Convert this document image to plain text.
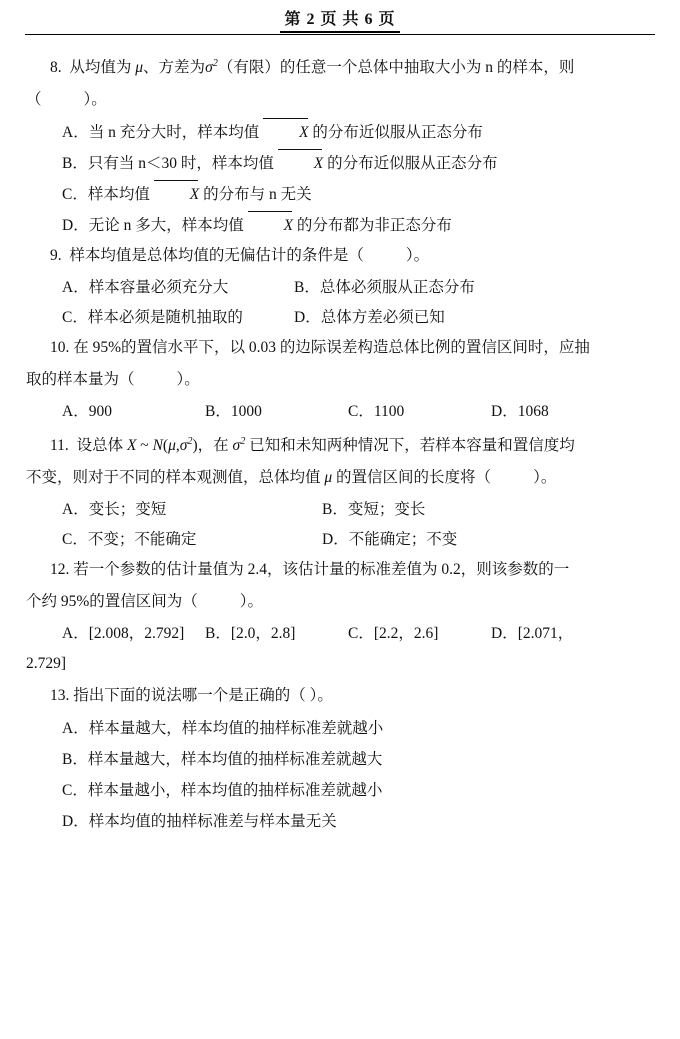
第 2 页 共 6 页
8.  从均值为 μ、方差为$\sigma^2$（有限）的任意一个总体中抽取大小为 n 的样本，则
（	）。
A．当 n 充分大时，样本均值 X 的分布近似服从正态分布
B．只有当 n＜30 时，样本均值 X 的分布近似服从正态分布
C．样本均值 X 的分布与 n 无关
D．无论 n 多大，样本均值 X 的分布都为非正态分布
9.  样本均值是总体均值的无偏估计的条件是（	）。
A．样本容量必须充分大	B．总体必须服从正态分布
C．样本必须是随机抽取的	D．总体方差必须已知
10. 在 95%的置信水平下，以 0.03 的边际误差构造总体比例的置信区间时，应抽
取的样本量为（	）。
A．900	B．1000	C．1100	D．1068
11.  设总体 X ~ $N(\mu,\sigma^2)$，在 $\sigma^2$ 已知和未知两种情况下，若样本容量和置信度均
不变，则对于不同的样本观测值，总体均值 μ 的置信区间的长度将（	）。
A．变长；变短	B．变短；变长
C．不变；不能确定	D．不能确定；不变
12. 若一个参数的估计量值为 2.4，该估计量的标准差值为 0.2，则该参数的一
个约 95%的置信区间为（	）。
A．[2.008，2.792]	B．[2.0，2.8]	C．[2.2，2.6]	D．[2.071，
2.729]
13. 指出下面的说法哪一个是正确的（ ）。
A．样本量越大，样本均值的抽样标准差就越小
B．样本量越大，样本均值的抽样标准差就越大
C．样本量越小，样本均值的抽样标准差就越小
D．样本均值的抽样标准差与样本量无关
